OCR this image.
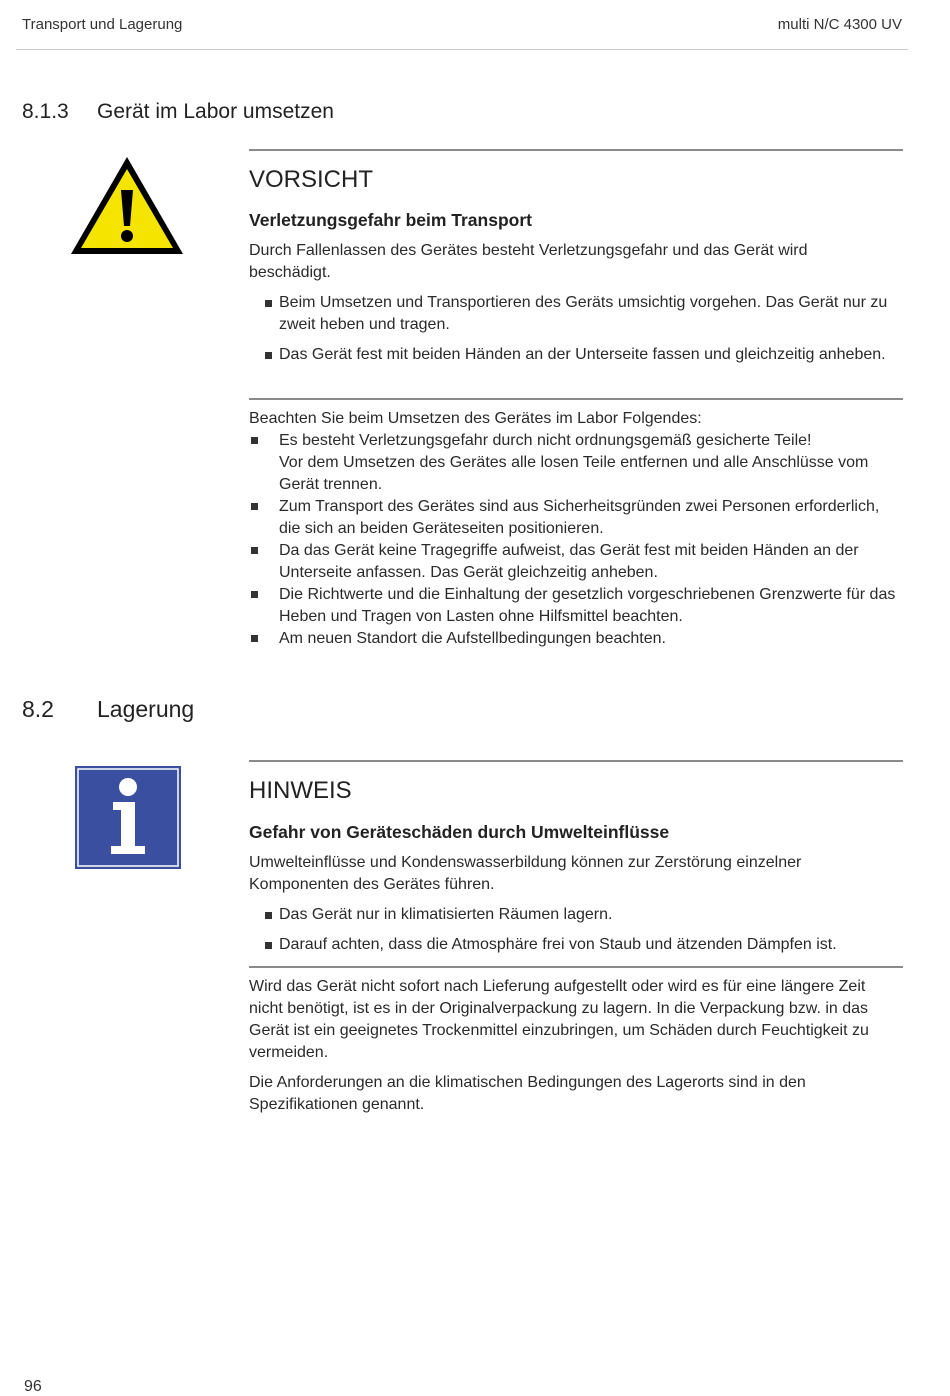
Transport und Lagerung	multi N/C 4300 UV
8.1.3 Gerät im Labor umsetzen
VORSICHT
Verletzungsgefahr beim Transport

Durch Fallenlassen des Gerätes besteht Verletzungsgefahr und das Gerät wird beschädigt.

Beim Umsetzen und Transportieren des Geräts umsichtig vorgehen. Das Gerät nur zu zweit heben und tragen.
Das Gerät fest mit beiden Händen an der Unterseite fassen und gleichzeitig anheben.
Beachten Sie beim Umsetzen des Gerätes im Labor Folgendes:
Es besteht Verletzungsgefahr durch nicht ordnungsgemäß gesicherte Teile!
Vor dem Umsetzen des Gerätes alle losen Teile entfernen und alle Anschlüsse vom Gerät trennen.
Zum Transport des Gerätes sind aus Sicherheitsgründen zwei Personen erforderlich, die sich an beiden Geräteseiten positionieren.
Da das Gerät keine Tragegriffe aufweist, das Gerät fest mit beiden Händen an der Unterseite anfassen. Das Gerät gleichzeitig anheben.
Die Richtwerte und die Einhaltung der gesetzlich vorgeschriebenen Grenzwerte für das Heben und Tragen von Lasten ohne Hilfsmittel beachten.
Am neuen Standort die Aufstellbedingungen beachten.
8.2 Lagerung
HINWEIS
Gefahr von Geräteschäden durch Umwelteinflüsse

Umwelteinflüsse und Kondenswasserbildung können zur Zerstörung einzelner Komponenten des Gerätes führen.

Das Gerät nur in klimatisierten Räumen lagern.
Darauf achten, dass die Atmosphäre frei von Staub und ätzenden Dämpfen ist.
Wird das Gerät nicht sofort nach Lieferung aufgestellt oder wird es für eine längere Zeit nicht benötigt, ist es in der Originalverpackung zu lagern. In die Verpackung bzw. in das Gerät ist ein geeignetes Trockenmittel einzubringen, um Schäden durch Feuchtigkeit zu vermeiden.
Die Anforderungen an die klimatischen Bedingungen des Lagerorts sind in den Spezifikationen genannt.
96
